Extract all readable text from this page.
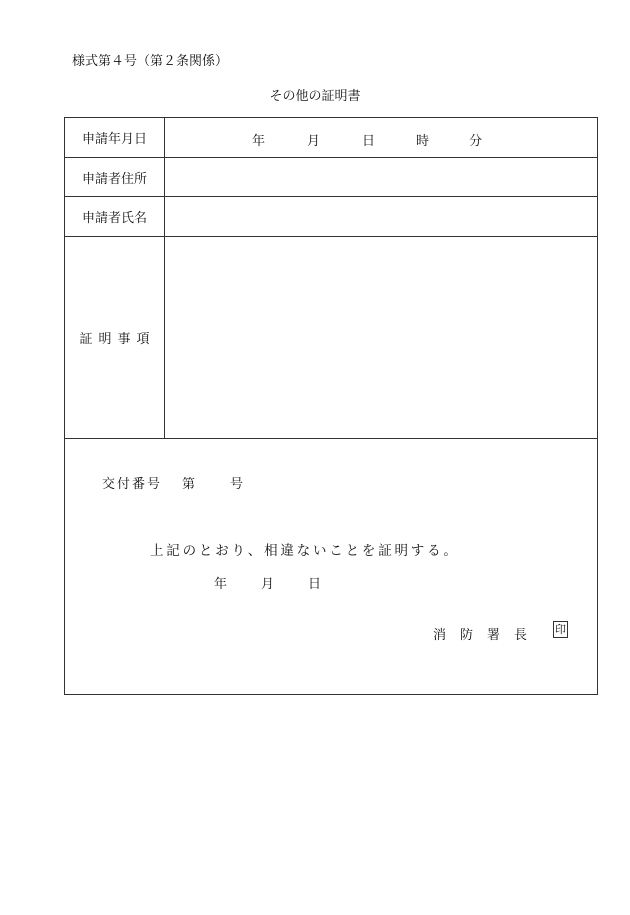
様式第４号（第２条関係）
その他の証明書
申請年月日	年	月	日	時	分
申請者住所
申請者氏名
証明事項
交付番号 第	号
上記のとおり、相違ないことを証明する。
年	月	日
消 防 署 長	印
